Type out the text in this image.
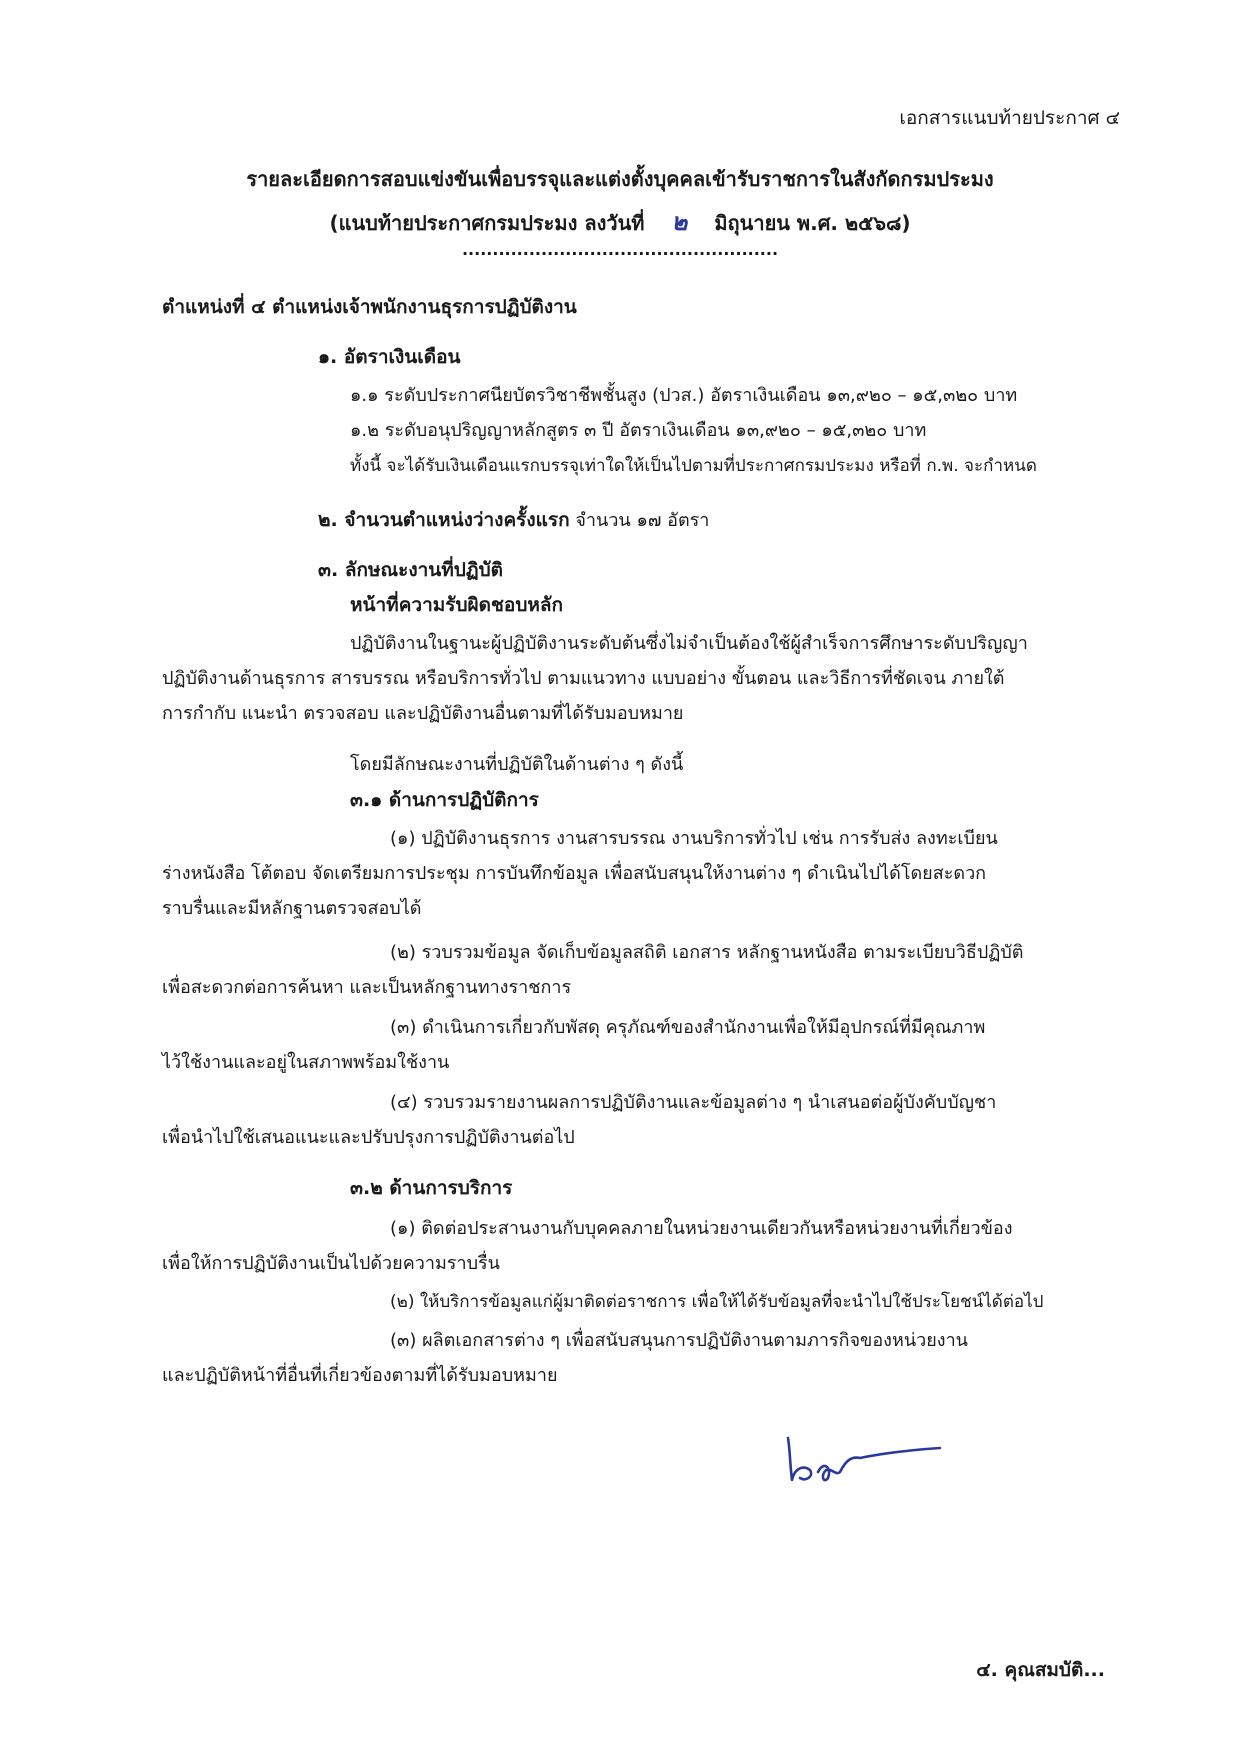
เอกสารแนบท้ายประกาศ ๔
รายละเอียดการสอบแข่งขันเพื่อบรรจุและแต่งตั้งบุคคลเข้ารับราชการในสังกัดกรมประมง
(แนบท้ายประกาศกรมประมง ลงวันที่ ๒ มิถุนายน พ.ศ. ๒๕๖๘)
....................................................
ตำแหน่งที่ ๔ ตำแหน่งเจ้าพนักงานธุรการปฏิบัติงาน
๑. อัตราเงินเดือน
๑.๑ ระดับประกาศนียบัตรวิชาชีพชั้นสูง (ปวส.) อัตราเงินเดือน ๑๓,๙๒๐ – ๑๕,๓๒๐ บาท
๑.๒ ระดับอนุปริญญาหลักสูตร ๓ ปี อัตราเงินเดือน ๑๓,๙๒๐ – ๑๕,๓๒๐ บาท
ทั้งนี้ จะได้รับเงินเดือนแรกบรรจุเท่าใดให้เป็นไปตามที่ประกาศกรมประมง หรือที่ ก.พ. จะกำหนด
๒. จำนวนตำแหน่งว่างครั้งแรก จำนวน ๑๗ อัตรา
๓. ลักษณะงานที่ปฏิบัติ
หน้าที่ความรับผิดชอบหลัก
ปฏิบัติงานในฐานะผู้ปฏิบัติงานระดับต้นซึ่งไม่จำเป็นต้องใช้ผู้สำเร็จการศึกษาระดับปริญญา
ปฏิบัติงานด้านธุรการ สารบรรณ หรือบริการทั่วไป ตามแนวทาง แบบอย่าง ขั้นตอน และวิธีการที่ชัดเจน ภายใต้
การกำกับ แนะนำ ตรวจสอบ และปฏิบัติงานอื่นตามที่ได้รับมอบหมาย
โดยมีลักษณะงานที่ปฏิบัติในด้านต่าง ๆ ดังนี้
๓.๑ ด้านการปฏิบัติการ
(๑) ปฏิบัติงานธุรการ งานสารบรรณ งานบริการทั่วไป เช่น การรับส่ง ลงทะเบียน
ร่างหนังสือ โต้ตอบ จัดเตรียมการประชุม การบันทึกข้อมูล เพื่อสนับสนุนให้งานต่าง ๆ ดำเนินไปได้โดยสะดวก
ราบรื่นและมีหลักฐานตรวจสอบได้
(๒) รวบรวมข้อมูล จัดเก็บข้อมูลสถิติ เอกสาร หลักฐานหนังสือ ตามระเบียบวิธีปฏิบัติ
เพื่อสะดวกต่อการค้นหา และเป็นหลักฐานทางราชการ
(๓) ดำเนินการเกี่ยวกับพัสดุ ครุภัณฑ์ของสำนักงานเพื่อให้มีอุปกรณ์ที่มีคุณภาพ
ไว้ใช้งานและอยู่ในสภาพพร้อมใช้งาน
(๔) รวบรวมรายงานผลการปฏิบัติงานและข้อมูลต่าง ๆ นำเสนอต่อผู้บังคับบัญชา
เพื่อนำไปใช้เสนอแนะและปรับปรุงการปฏิบัติงานต่อไป
๓.๒ ด้านการบริการ
(๑) ติดต่อประสานงานกับบุคคลภายในหน่วยงานเดียวกันหรือหน่วยงานที่เกี่ยวข้อง
เพื่อให้การปฏิบัติงานเป็นไปด้วยความราบรื่น
(๒) ให้บริการข้อมูลแก่ผู้มาติดต่อราชการ เพื่อให้ได้รับข้อมูลที่จะนำไปใช้ประโยชน์ได้ต่อไป
(๓) ผลิตเอกสารต่าง ๆ เพื่อสนับสนุนการปฏิบัติงานตามภารกิจของหน่วยงาน
และปฏิบัติหน้าที่อื่นที่เกี่ยวข้องตามที่ได้รับมอบหมาย
๔. คุณสมบัติ...
